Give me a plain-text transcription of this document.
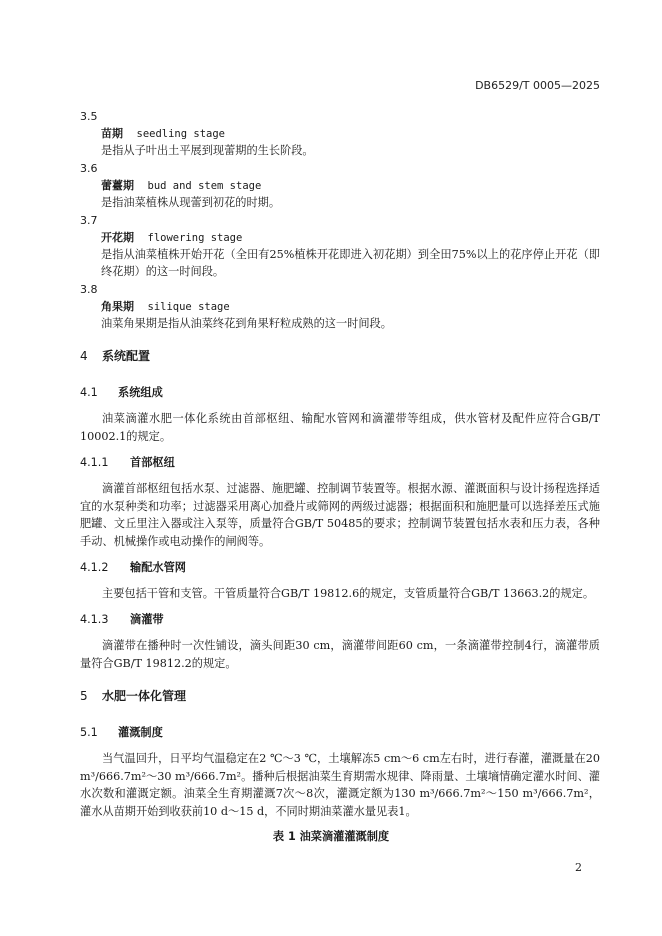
DB6529/T 0005—2025
3.5
苗期 seedling stage
是指从子叶出土平展到现蕾期的生长阶段。
3.6
蕾薹期 bud and stem stage
是指油菜植株从现蕾到初花的时期。
3.7
开花期 flowering stage
是指从油菜植株开始开花（全田有25%植株开花即进入初花期）到全田75%以上的花序停止开花（即终花期）的这一时间段。
3.8
角果期 silique stage
油菜角果期是指从油菜终花到角果籽粒成熟的这一时间段。
4 系统配置
4.1 系统组成
油菜滴灌水肥一体化系统由首部枢纽、输配水管网和滴灌带等组成，供水管材及配件应符合GB/T 10002.1的规定。
4.1.1 首部枢纽
滴灌首部枢纽包括水泵、过滤器、施肥罐、控制调节装置等。根据水源、灌溉面积与设计扬程选择适宜的水泵种类和功率；过滤器采用离心加叠片或筛网的两级过滤器；根据面积和施肥量可以选择差压式施肥罐、文丘里注入器或注入泵等，质量符合GB/T 50485的要求；控制调节装置包括水表和压力表，各种手动、机械操作或电动操作的闸阀等。
4.1.2 输配水管网
主要包括干管和支管。干管质量符合GB/T 19812.6的规定，支管质量符合GB/T 13663.2的规定。
4.1.3 滴灌带
滴灌带在播种时一次性铺设，滴头间距30 cm，滴灌带间距60 cm，一条滴灌带控制4行，滴灌带质量符合GB/T 19812.2的规定。
5 水肥一体化管理
5.1 灌溉制度
当气温回升，日平均气温稳定在2 ℃～3 ℃，土壤解冻5 cm～6 cm左右时，进行春灌，灌溉量在20 m³/666.7m²～30 m³/666.7m²。播种后根据油菜生育期需水规律、降雨量、土壤墒情确定灌水时间、灌水次数和灌溉定额。油菜全生育期灌溉7次～8次，灌溉定额为130 m³/666.7m²～150 m³/666.7m²，灌水从苗期开始到收获前10 d～15 d，不同时期油菜灌水量见表1。
表 1 油菜滴灌灌溉制度
2
